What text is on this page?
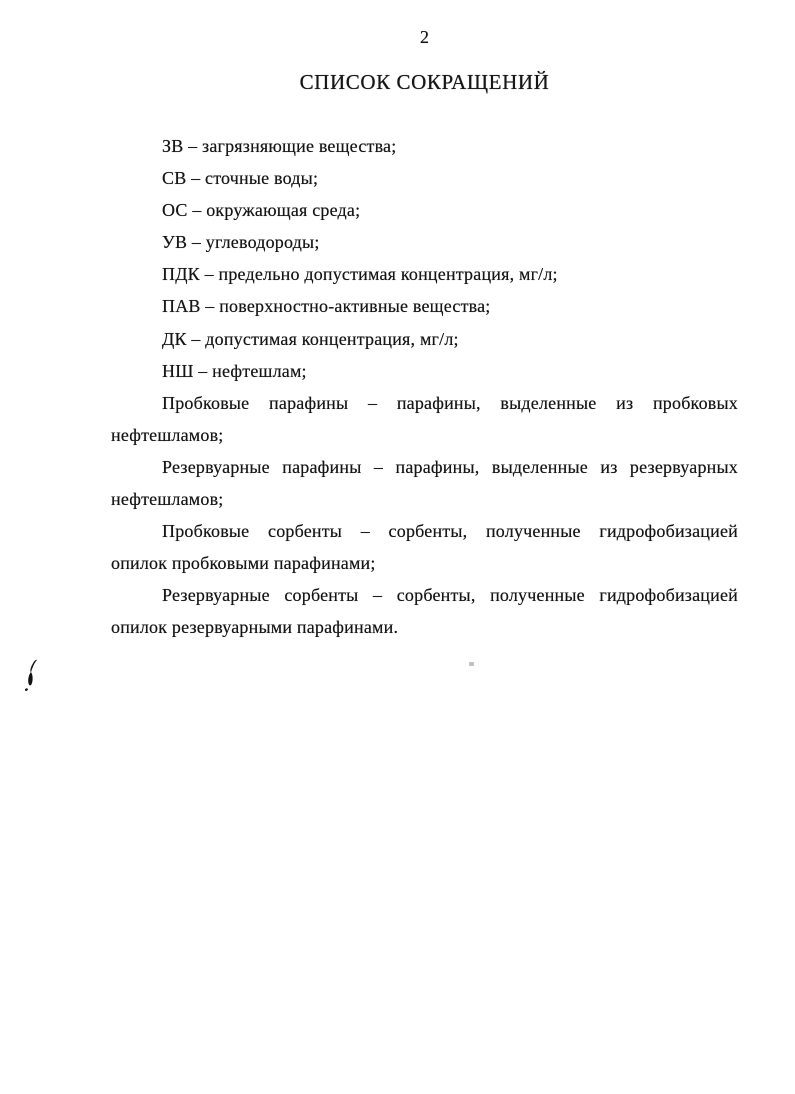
2
СПИСОК СОКРАЩЕНИЙ
ЗВ – загрязняющие вещества;
СВ – сточные воды;
ОС – окружающая среда;
УВ – углеводороды;
ПДК – предельно допустимая концентрация, мг/л;
ПАВ – поверхностно-активные вещества;
ДК – допустимая концентрация, мг/л;
НШ – нефтешлам;
Пробковые парафины – парафины, выделенные из пробковых
нефтешламов;
Резервуарные парафины – парафины, выделенные из резервуарных
нефтешламов;
Пробковые сорбенты – сорбенты, полученные гидрофобизацией
опилок пробковыми парафинами;
Резервуарные сорбенты – сорбенты, полученные гидрофобизацией
опилок резервуарными парафинами.
